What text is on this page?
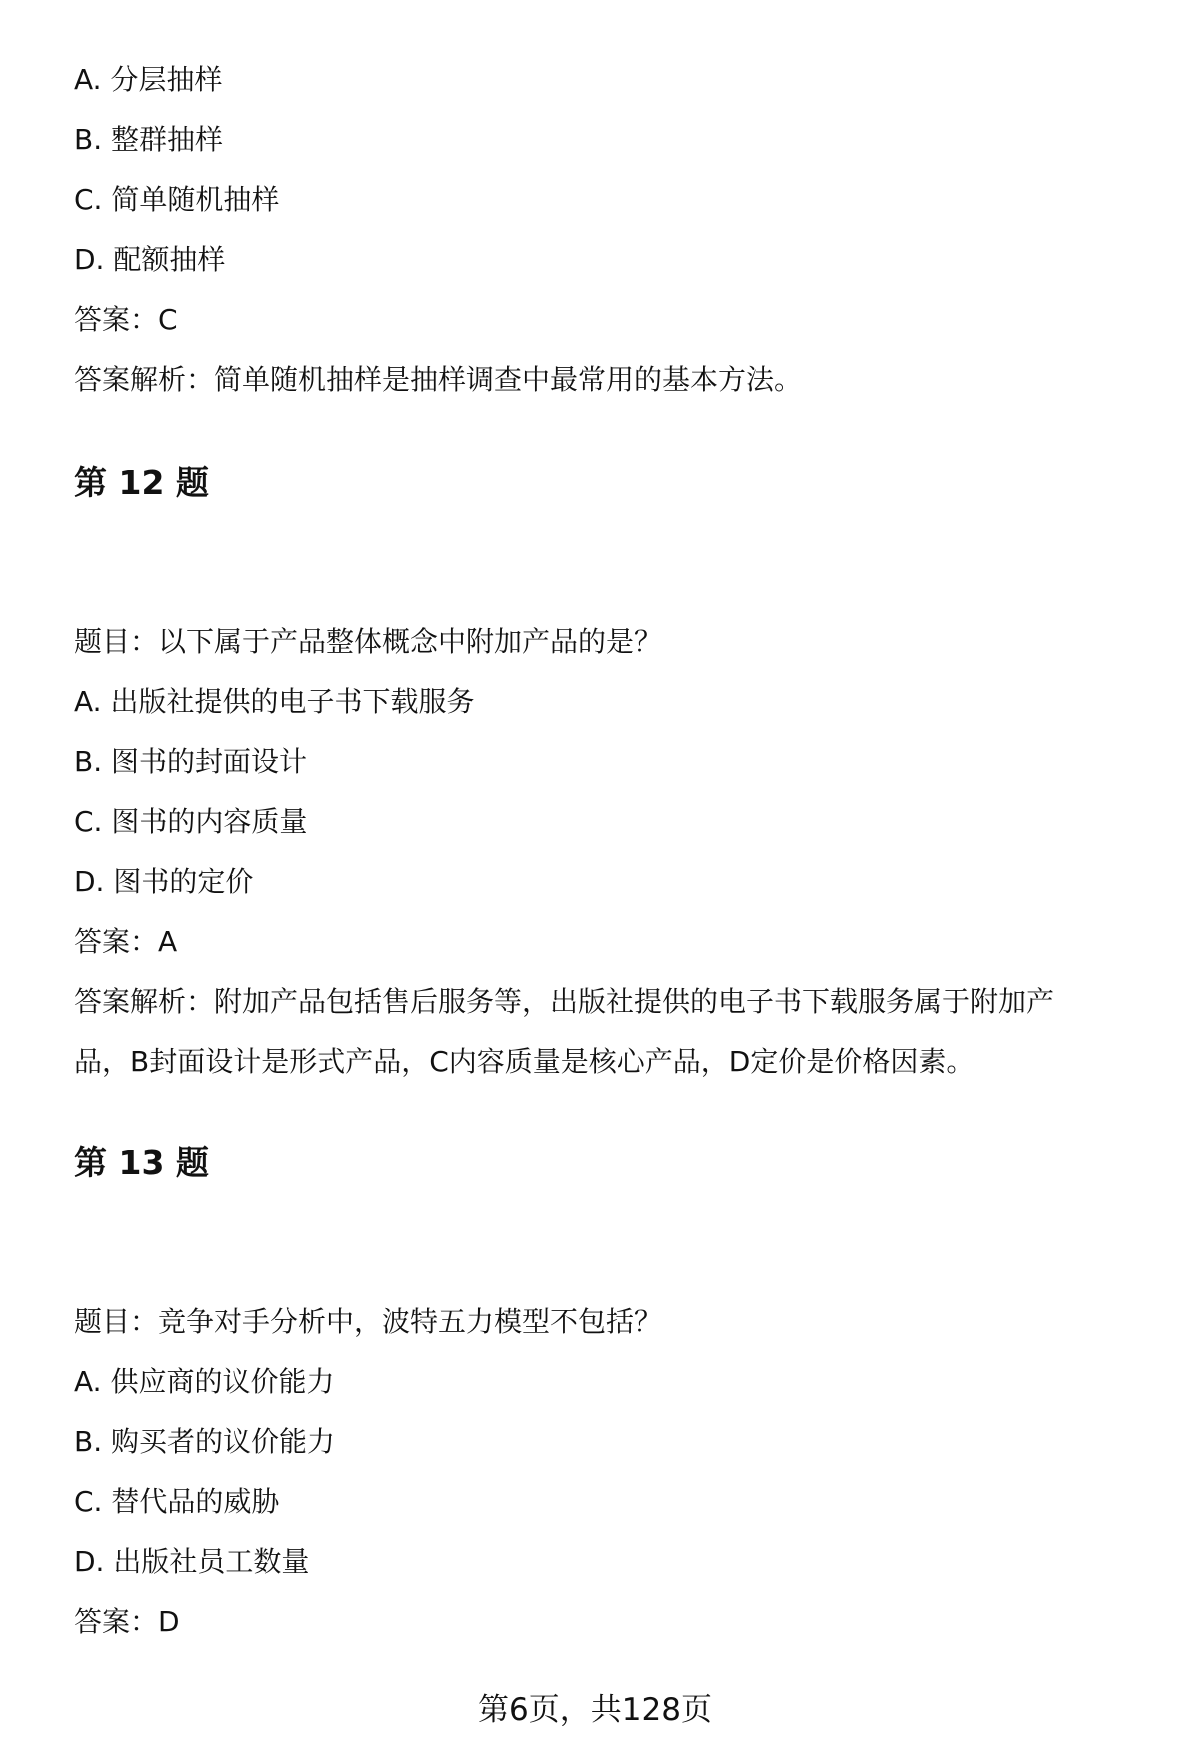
A. 分层抽样
B. 整群抽样
C. 简单随机抽样
D. 配额抽样
答案：C
答案解析：简单随机抽样是抽样调查中最常用的基本方法。
第 12 题
题目：以下属于产品整体概念中附加产品的是？
A. 出版社提供的电子书下载服务
B. 图书的封面设计
C. 图书的内容质量
D. 图书的定价
答案：A
答案解析：附加产品包括售后服务等，出版社提供的电子书下载服务属于附加产
品，B封面设计是形式产品，C内容质量是核心产品，D定价是价格因素。
第 13 题
题目：竞争对手分析中，波特五力模型不包括？
A. 供应商的议价能力
B. 购买者的议价能力
C. 替代品的威胁
D. 出版社员工数量
答案：D
第6页，共128页
